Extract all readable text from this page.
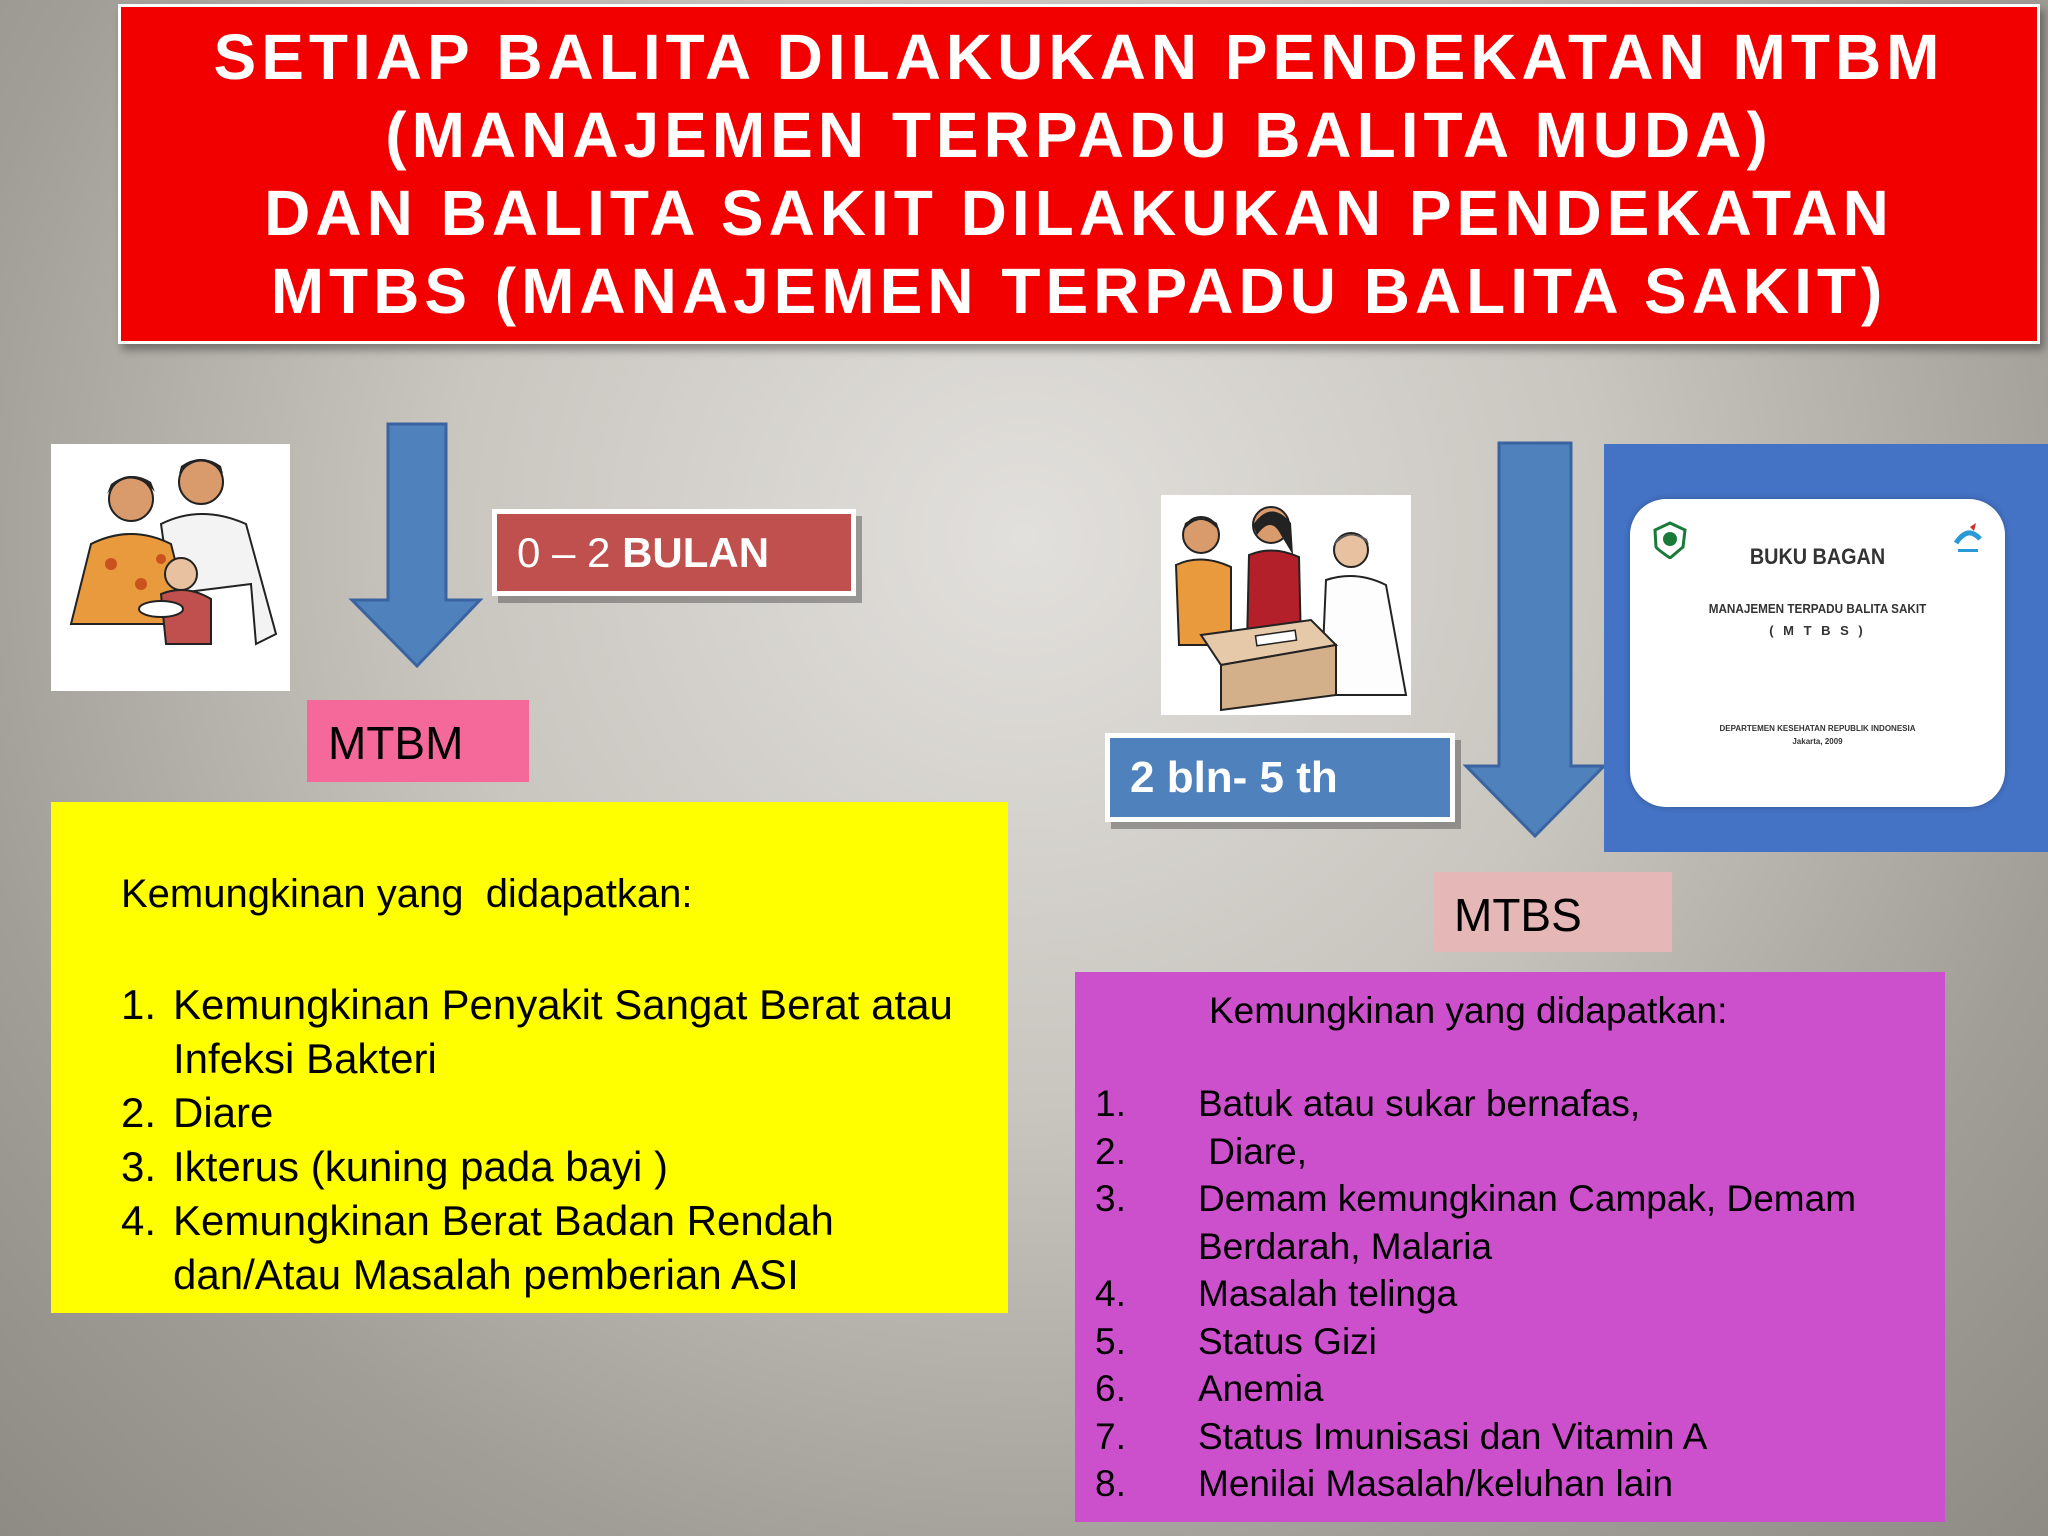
SETIAP BALITA DILAKUKAN PENDEKATAN MTBM
(MANAJEMEN TERPADU BALITA MUDA)
DAN BALITA SAKIT DILAKUKAN PENDEKATAN
MTBS (MANAJEMEN TERPADU BALITA SAKIT)
0 – 2 BULAN
MTBM
Kemungkinan yang  didapatkan:
1. Kemungkinan Penyakit Sangat Berat atau Infeksi Bakteri
2. Diare
3. Ikterus (kuning pada bayi )
4. Kemungkinan Berat Badan Rendah dan/Atau Masalah pemberian ASI
2 bln- 5 th
BUKU BAGAN
MANAJEMEN TERPADU BALITA SAKIT
( M T B S )
DEPARTEMEN KESEHATAN REPUBLIK INDONESIA
Jakarta, 2009
MTBS
Kemungkinan yang didapatkan:
1.	Batuk atau sukar bernafas,
2.	Diare,
3.	Demam kemungkinan Campak, Demam Berdarah, Malaria
4.	Masalah telinga
5.	Status Gizi
6.	Anemia
7.	Status Imunisasi dan Vitamin A
8.	Menilai Masalah/keluhan lain
